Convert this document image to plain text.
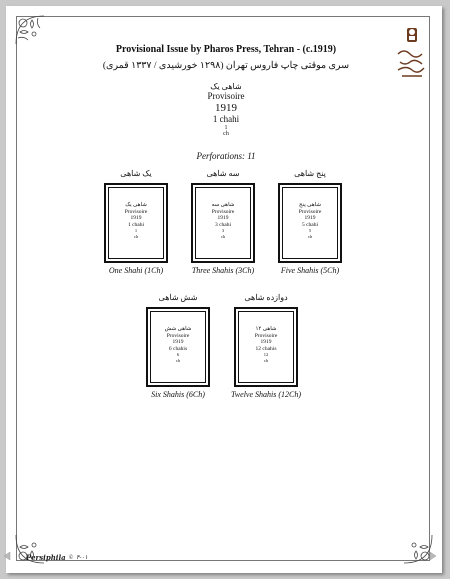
Provisional Issue by Pharos Press, Tehran - (c.1919)
سری موقتی چاپ فاروس تهران (۱۲۹۸ خورشیدی / ۱۳۳۷ قمری)
شاهی یک
Provisoire
1919
1 chahi
1
ch
Perforations: 11
یک شاهی
شاهی یک
Provisoire
1919
1 chahi
1
ch
One Shahi (1Ch)
سه شاهی
شاهی سه
Provisoire
1919
3 chahi
3
ch
Three Shahis (3Ch)
پنج شاهی
شاهی پنج
Provisoire
1919
5 chahi
5
ch
Five Shahis (5Ch)
شش شاهی
شاهی شش
Provisoire
1919
6 chahis
6
ch
Six Shahis (6Ch)
دوازده شاهی
شاهی ۱۲
Provisoire
1919
12 chahis
12
ch
Twelve Shahis (12Ch)
Persiphila © ۴-۰۱
